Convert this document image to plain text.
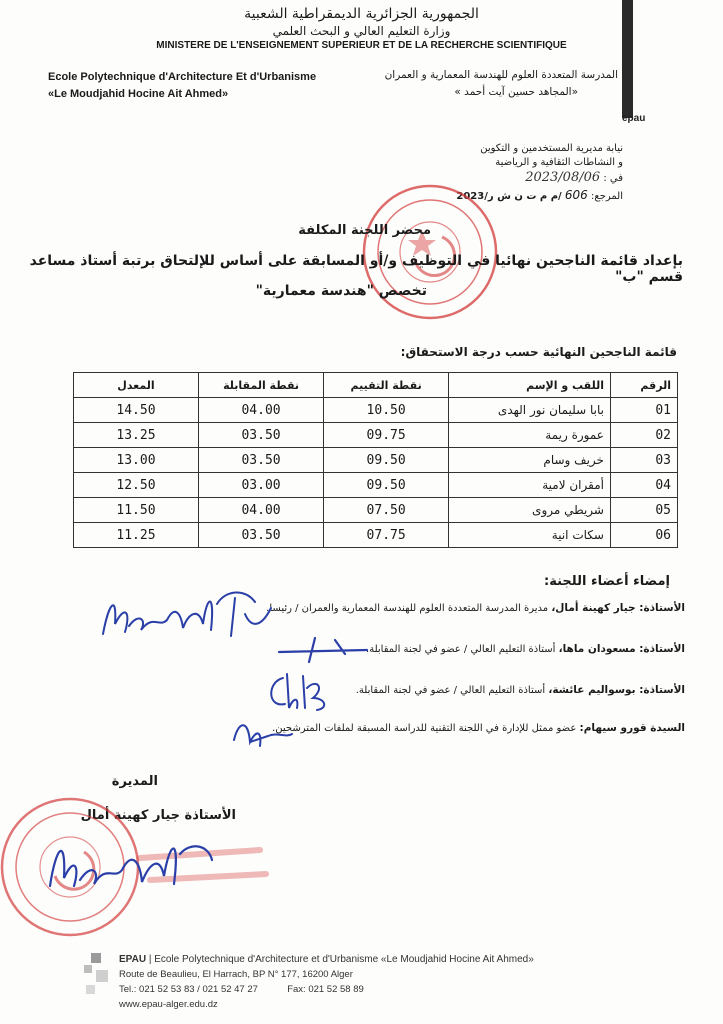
الجمهورية الجزائرية الديمقراطية الشعبية
وزارة التعليم العالي و البحث العلمي
MINISTERE DE L'ENSEIGNEMENT SUPERIEUR ET DE LA RECHERCHE SCIENTIFIQUE
epau
Ecole Polytechnique d'Architecture Et d'Urbanisme
«Le Moudjahid Hocine Ait Ahmed»
المدرسة المتعددة العلوم للهندسة المعمارية و العمران
«المجاهد حسين آيت أحمد »
نيابة مديرية المستخدمين و التكوين
و النشاطات الثقافية و الرياضية
في : 2023/08/06
المرجع: 606 /م م ت ن ش ر/2023
محضر اللجنة المكلفة
بإعداد قائمة الناجحين نهائيا في التوظيف و/أو المسابقة على أساس للإلتحاق برتبة أستاذ مساعد قسم "ب"
تخصص "هندسة معمارية"
قائمة الناجحين النهائية حسب درجة الاستحقاق:
الرقم	اللقب و الإسم	نقطة التقييم	نقطة المقابلة	المعدل
01	بابا سليمان نور الهدى	10.50	04.00	14.50
02	عمورة ريمة	09.75	03.50	13.25
03	خريف وسام	09.50	03.50	13.00
04	أمقران لامية	09.50	03.00	12.50
05	شريطي مروى	07.50	04.00	11.50
06	سكات انية	07.75	03.50	11.25
إمضاء أعضاء اللجنة:
الأستاذة: جيار كهينة أمال، مديرة المدرسة المتعددة العلوم للهندسة المعمارية والعمران / رئيسا.
الأستاذة: مسعودان ماها، أستاذة التعليم العالي / عضو في لجنة المقابلة.
الأستاذة: بوسواليم عائشة، أستاذة التعليم العالي / عضو في لجنة المقابلة.
السيدة قورو سيهام: عضو ممثل للإدارة في اللجنة التقنية للدراسة المسبقة لملفات المترشحين.
المديرة
الأستاذة جيار كهينة أمال
EPAU | Ecole Polytechnique d'Architecture et d'Urbanisme «Le Moudjahid Hocine Ait Ahmed»
Route de Beaulieu, El Harrach, BP N° 177, 16200 Alger
Tel.: 021 52 53 83 / 021 52 47 27	Fax: 021 52 58 89
www.epau-alger.edu.dz
